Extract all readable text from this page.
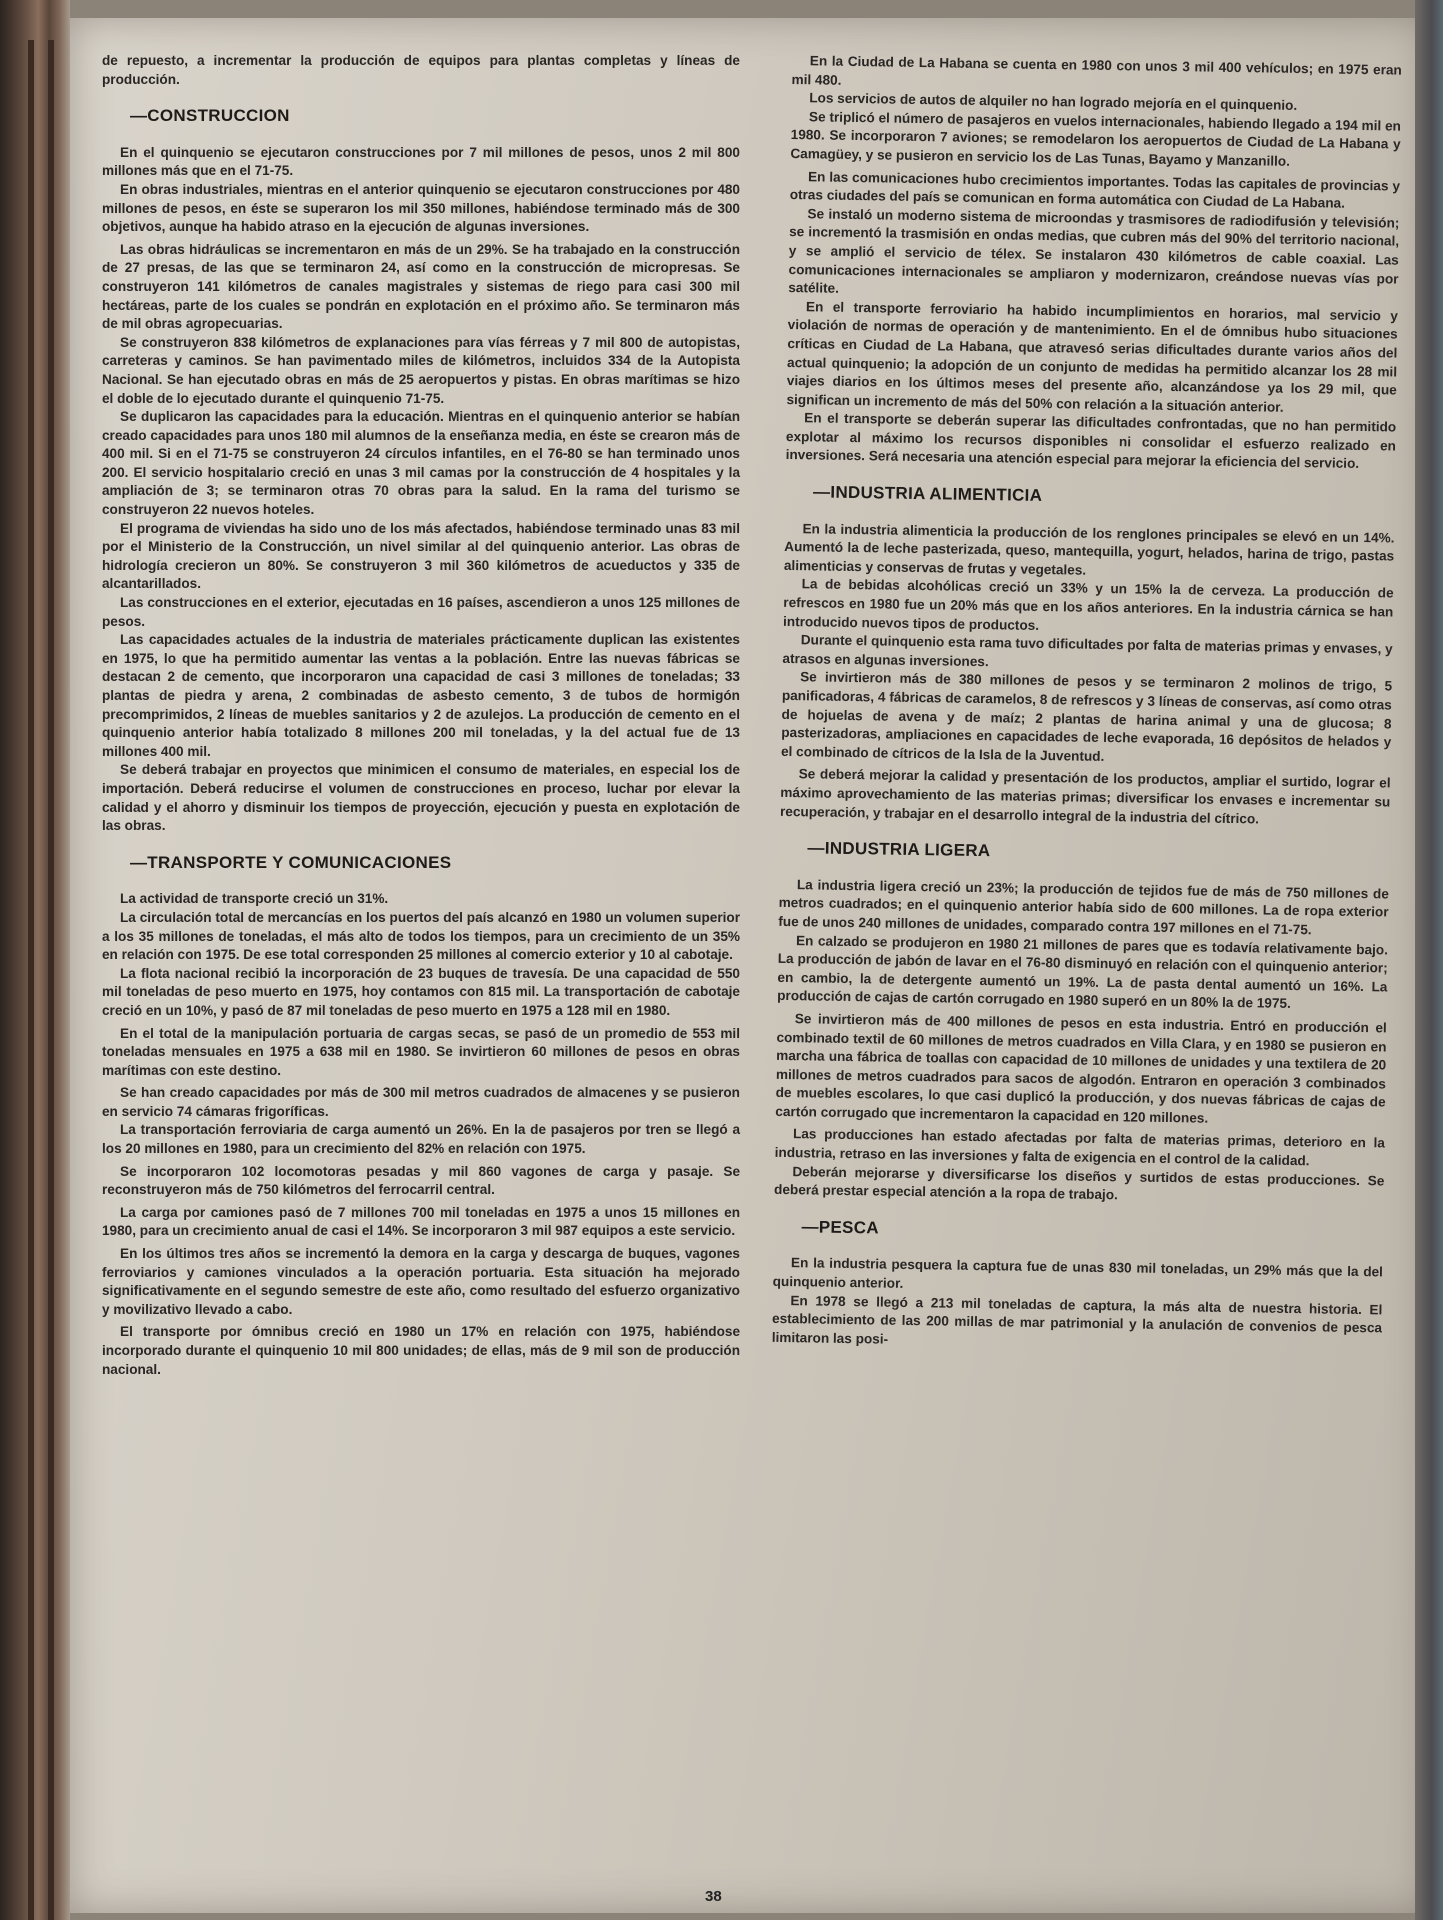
de repuesto, a incrementar la producción de equipos para plantas completas y líneas de producción.

—CONSTRUCCION

En el quinquenio se ejecutaron construcciones por 7 mil millones de pesos, unos 2 mil 800 millones más que en el 71-75.

En obras industriales, mientras en el anterior quinquenio se ejecutaron construcciones por 480 millones de pesos, en éste se superaron los mil 350 millones, habiéndose terminado más de 300 objetivos, aunque ha habido atraso en la ejecución de algunas inversiones.

Las obras hidráulicas se incrementaron en más de un 29%. Se ha trabajado en la construcción de 27 presas, de las que se terminaron 24, así como en la construcción de micropresas. Se construyeron 141 kilómetros de canales magistrales y sistemas de riego para casi 300 mil hectáreas, parte de los cuales se pondrán en explotación en el próximo año. Se terminaron más de mil obras agropecuarias.

Se construyeron 838 kilómetros de explanaciones para vías férreas y 7 mil 800 de autopistas, carreteras y caminos. Se han pavimentado miles de kilómetros, incluidos 334 de la Autopista Nacional. Se han ejecutado obras en más de 25 aeropuertos y pistas. En obras marítimas se hizo el doble de lo ejecutado durante el quinquenio 71-75.

Se duplicaron las capacidades para la educación. Mientras en el quinquenio anterior se habían creado capacidades para unos 180 mil alumnos de la enseñanza media, en éste se crearon más de 400 mil. Si en el 71-75 se construyeron 24 círculos infantiles, en el 76-80 se han terminado unos 200. El servicio hospitalario creció en unas 3 mil camas por la construcción de 4 hospitales y la ampliación de 3; se terminaron otras 70 obras para la salud. En la rama del turismo se construyeron 22 nuevos hoteles.

El programa de viviendas ha sido uno de los más afectados, habiéndose terminado unas 83 mil por el Ministerio de la Construcción, un nivel similar al del quinquenio anterior. Las obras de hidrología crecieron un 80%. Se construyeron 3 mil 360 kilómetros de acueductos y 335 de alcantarillados.

Las construcciones en el exterior, ejecutadas en 16 países, ascendieron a unos 125 millones de pesos.

Las capacidades actuales de la industria de materiales prácticamente duplican las existentes en 1975, lo que ha permitido aumentar las ventas a la población. Entre las nuevas fábricas se destacan 2 de cemento, que incorporaron una capacidad de casi 3 millones de toneladas; 33 plantas de piedra y arena, 2 combinadas de asbesto cemento, 3 de tubos de hormigón precomprimidos, 2 líneas de muebles sanitarios y 2 de azulejos. La producción de cemento en el quinquenio anterior había totalizado 8 millones 200 mil toneladas, y la del actual fue de 13 millones 400 mil.

Se deberá trabajar en proyectos que minimicen el consumo de materiales, en especial los de importación. Deberá reducirse el volumen de construcciones en proceso, luchar por elevar la calidad y el ahorro y disminuir los tiempos de proyección, ejecución y puesta en explotación de las obras.

—TRANSPORTE Y COMUNICACIONES

La actividad de transporte creció un 31%.

La circulación total de mercancías en los puertos del país alcanzó en 1980 un volumen superior a los 35 millones de toneladas, el más alto de todos los tiempos, para un crecimiento de un 35% en relación con 1975. De ese total corresponden 25 millones al comercio exterior y 10 al cabotaje.

La flota nacional recibió la incorporación de 23 buques de travesía. De una capacidad de 550 mil toneladas de peso muerto en 1975, hoy contamos con 815 mil. La transportación de cabotaje creció en un 10%, y pasó de 87 mil toneladas de peso muerto en 1975 a 128 mil en 1980.

En el total de la manipulación portuaria de cargas secas, se pasó de un promedio de 553 mil toneladas mensuales en 1975 a 638 mil en 1980. Se invirtieron 60 millones de pesos en obras marítimas con este destino.

Se han creado capacidades por más de 300 mil metros cuadrados de almacenes y se pusieron en servicio 74 cámaras frigoríficas.

La transportación ferroviaria de carga aumentó un 26%. En la de pasajeros por tren se llegó a los 20 millones en 1980, para un crecimiento del 82% en relación con 1975.

Se incorporaron 102 locomotoras pesadas y mil 860 vagones de carga y pasaje. Se reconstruyeron más de 750 kilómetros del ferrocarril central.

La carga por camiones pasó de 7 millones 700 mil toneladas en 1975 a unos 15 millones en 1980, para un crecimiento anual de casi el 14%. Se incorporaron 3 mil 987 equipos a este servicio.

En los últimos tres años se incrementó la demora en la carga y descarga de buques, vagones ferroviarios y camiones vinculados a la operación portuaria. Esta situación ha mejorado significativamente en el segundo semestre de este año, como resultado del esfuerzo organizativo y movilizativo llevado a cabo.

El transporte por ómnibus creció en 1980 un 17% en relación con 1975, habiéndose incorporado durante el quinquenio 10 mil 800 unidades; de ellas, más de 9 mil son de producción nacional.

En la Ciudad de La Habana se cuenta en 1980 con unos 3 mil 400 vehículos; en 1975 eran mil 480.

Los servicios de autos de alquiler no han logrado mejoría en el quinquenio.

Se triplicó el número de pasajeros en vuelos internacionales, habiendo llegado a 194 mil en 1980. Se incorporaron 7 aviones; se remodelaron los aeropuertos de Ciudad de La Habana y Camagüey, y se pusieron en servicio los de Las Tunas, Bayamo y Manzanillo.

En las comunicaciones hubo crecimientos importantes. Todas las capitales de provincias y otras ciudades del país se comunican en forma automática con Ciudad de La Habana.

Se instaló un moderno sistema de microondas y trasmisores de radiodifusión y televisión; se incrementó la trasmisión en ondas medias, que cubren más del 90% del territorio nacional, y se amplió el servicio de télex. Se instalaron 430 kilómetros de cable coaxial. Las comunicaciones internacionales se ampliaron y modernizaron, creándose nuevas vías por satélite.

En el transporte ferroviario ha habido incumplimientos en horarios, mal servicio y violación de normas de operación y de mantenimiento. En el de ómnibus hubo situaciones críticas en Ciudad de La Habana, que atravesó serias dificultades durante varios años del actual quinquenio; la adopción de un conjunto de medidas ha permitido alcanzar los 28 mil viajes diarios en los últimos meses del presente año, alcanzándose ya los 29 mil, que significan un incremento de más del 50% con relación a la situación anterior.

En el transporte se deberán superar las dificultades confrontadas, que no han permitido explotar al máximo los recursos disponibles ni consolidar el esfuerzo realizado en inversiones. Será necesaria una atención especial para mejorar la eficiencia del servicio.

—INDUSTRIA ALIMENTICIA

En la industria alimenticia la producción de los renglones principales se elevó en un 14%. Aumentó la de leche pasterizada, queso, mantequilla, yogurt, helados, harina de trigo, pastas alimenticias y conservas de frutas y vegetales.

La de bebidas alcohólicas creció un 33% y un 15% la de cerveza. La producción de refrescos en 1980 fue un 20% más que en los años anteriores. En la industria cárnica se han introducido nuevos tipos de productos.

Durante el quinquenio esta rama tuvo dificultades por falta de materias primas y envases, y atrasos en algunas inversiones.

Se invirtieron más de 380 millones de pesos y se terminaron 2 molinos de trigo, 5 panificadoras, 4 fábricas de caramelos, 8 de refrescos y 3 líneas de conservas, así como otras de hojuelas de avena y de maíz; 2 plantas de harina animal y una de glucosa; 8 pasterizadoras, ampliaciones en capacidades de leche evaporada, 16 depósitos de helados y el combinado de cítricos de la Isla de la Juventud.

Se deberá mejorar la calidad y presentación de los productos, ampliar el surtido, lograr el máximo aprovechamiento de las materias primas; diversificar los envases e incrementar su recuperación, y trabajar en el desarrollo integral de la industria del cítrico.

—INDUSTRIA LIGERA

La industria ligera creció un 23%; la producción de tejidos fue de más de 750 millones de metros cuadrados; en el quinquenio anterior había sido de 600 millones. La de ropa exterior fue de unos 240 millones de unidades, comparado contra 197 millones en el 71-75.

En calzado se produjeron en 1980 21 millones de pares que es todavía relativamente bajo. La producción de jabón de lavar en el 76-80 disminuyó en relación con el quinquenio anterior; en cambio, la de detergente aumentó un 19%. La de pasta dental aumentó un 16%. La producción de cajas de cartón corrugado en 1980 superó en un 80% la de 1975.

Se invirtieron más de 400 millones de pesos en esta industria. Entró en producción el combinado textil de 60 millones de metros cuadrados en Villa Clara, y en 1980 se pusieron en marcha una fábrica de toallas con capacidad de 10 millones de unidades y una textilera de 20 millones de metros cuadrados para sacos de algodón. Entraron en operación 3 combinados de muebles escolares, lo que casi duplicó la producción, y dos nuevas fábricas de cajas de cartón corrugado que incrementaron la capacidad en 120 millones.

Las producciones han estado afectadas por falta de materias primas, deterioro en la industria, retraso en las inversiones y falta de exigencia en el control de la calidad.

Deberán mejorarse y diversificarse los diseños y surtidos de estas producciones. Se deberá prestar especial atención a la ropa de trabajo.

—PESCA

En la industria pesquera la captura fue de unas 830 mil toneladas, un 29% más que la del quinquenio anterior.

En 1978 se llegó a 213 mil toneladas de captura, la más alta de nuestra historia. El establecimiento de las 200 millas de mar patrimonial y la anulación de convenios de pesca limitaron las posi-

38
